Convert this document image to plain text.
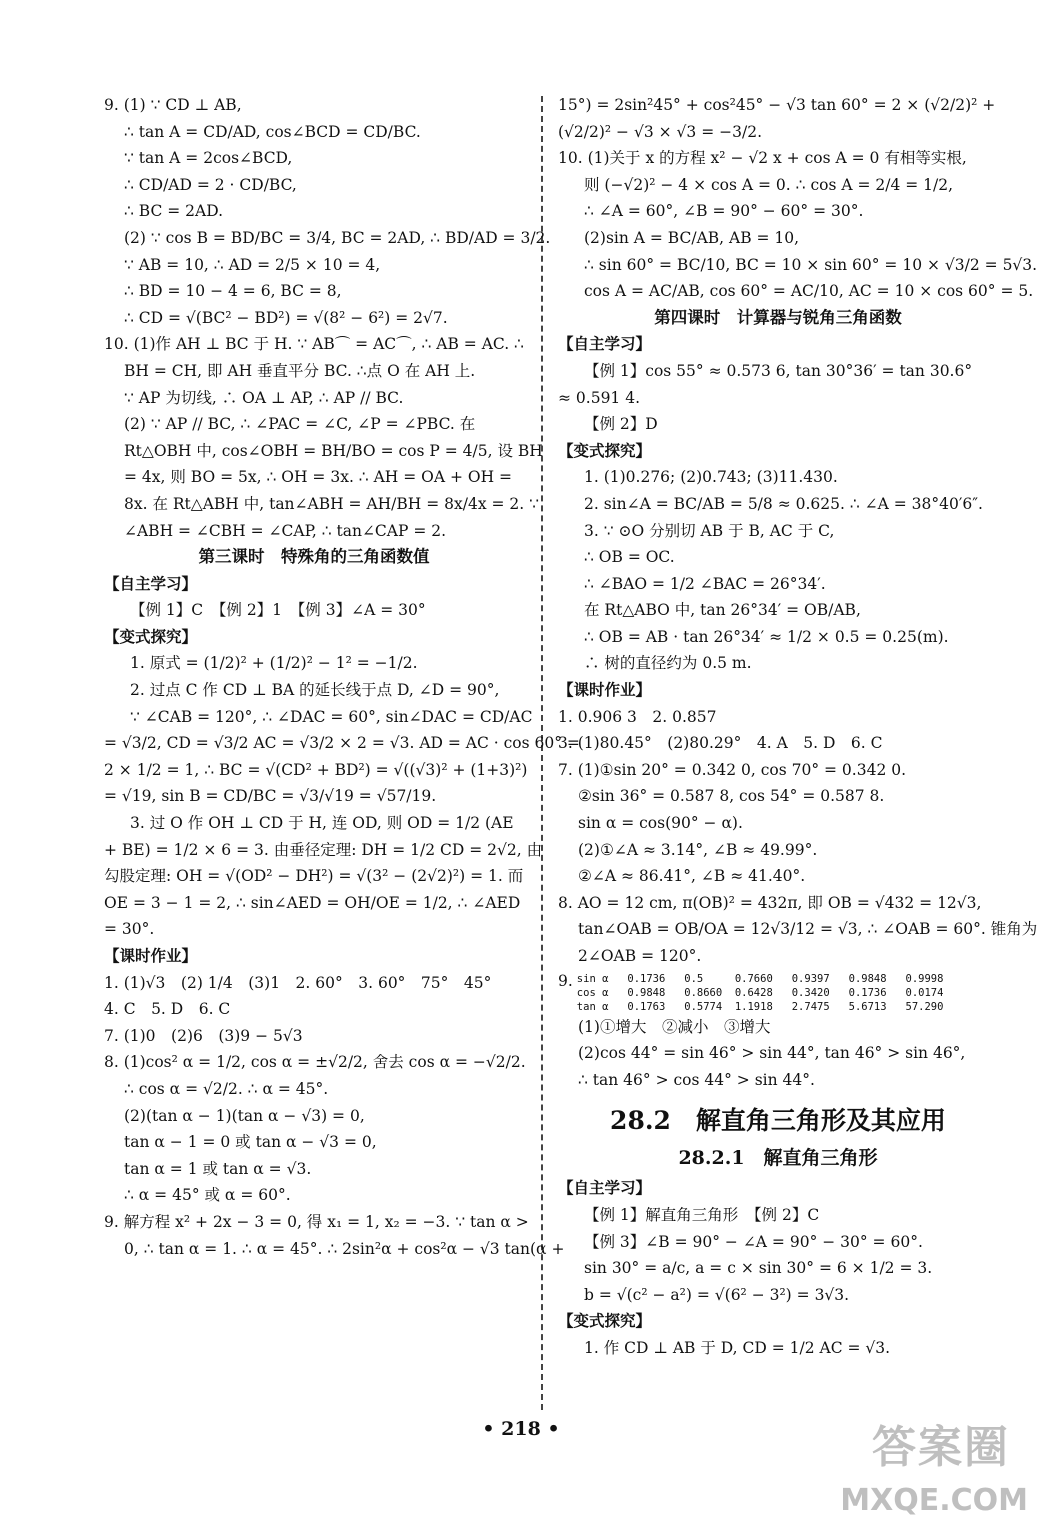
9. (1) ∵ CD ⊥ AB,
∴ tan A = CD/AD, cos∠BCD = CD/BC.
∵ tan A = 2cos∠BCD,
∴ CD/AD = 2 · CD/BC,
∴ BC = 2AD.
(2) ∵ cos B = BD/BC = 3/4, BC = 2AD, ∴ BD/AD = 3/2.
∵ AB = 10, ∴ AD = 2/5 × 10 = 4,
∴ BD = 10 − 4 = 6, BC = 8,
∴ CD = √(BC² − BD²) = √(8² − 6²) = 2√7.
10. (1)作 AH ⊥ BC 于 H. ∵ AB⌒ = AC⌒, ∴ AB = AC. ∴
BH = CH, 即 AH 垂直平分 BC. ∴点 O 在 AH 上.
∵ AP 为切线, ∴ OA ⊥ AP, ∴ AP // BC.
(2) ∵ AP // BC, ∴ ∠PAC = ∠C, ∠P = ∠PBC. 在
Rt△OBH 中, cos∠OBH = BH/BO = cos P = 4/5, 设 BH
= 4x, 则 BO = 5x, ∴ OH = 3x. ∴ AH = OA + OH =
8x. 在 Rt△ABH 中, tan∠ABH = AH/BH = 8x/4x = 2. ∵
∠ABH = ∠CBH = ∠CAP, ∴ tan∠CAP = 2.
第三课时　特殊角的三角函数值
【自主学习】
【例 1】C　【例 2】1　【例 3】∠A = 30°
【变式探究】
1. 原式 = (1/2)² + (1/2)² − 1² = −1/2.
2. 过点 C 作 CD ⊥ BA 的延长线于点 D, ∠D = 90°,
∵ ∠CAB = 120°, ∴ ∠DAC = 60°, sin∠DAC = CD/AC
= √3/2, CD = √3/2 AC = √3/2 × 2 = √3. AD = AC · cos 60° =
2 × 1/2 = 1, ∴ BC = √(CD² + BD²) = √((√3)² + (1+3)²)
= √19, sin B = CD/BC = √3/√19 = √57/19.
3. 过 O 作 OH ⊥ CD 于 H, 连 OD, 则 OD = 1/2 (AE
+ BE) = 1/2 × 6 = 3. 由垂径定理: DH = 1/2 CD = 2√2, 由
勾股定理: OH = √(OD² − DH²) = √(3² − (2√2)²) = 1. 而
OE = 3 − 1 = 2, ∴ sin∠AED = OH/OE = 1/2, ∴ ∠AED
= 30°.
【课时作业】
1. (1)√3　(2) 1/4　(3)1　2. 60°　3. 60°　75°　45°
4. C　5. D　6. C
7. (1)0　(2)6　(3)9 − 5√3
8. (1)cos² α = 1/2, cos α = ±√2/2, 舍去 cos α = −√2/2.
∴ cos α = √2/2. ∴ α = 45°.
(2)(tan α − 1)(tan α − √3) = 0,
tan α − 1 = 0 或 tan α − √3 = 0,
tan α = 1 或 tan α = √3.
∴ α = 45° 或 α = 60°.
9. 解方程 x² + 2x − 3 = 0, 得 x₁ = 1, x₂ = −3. ∵ tan α >
0, ∴ tan α = 1. ∴ α = 45°. ∴ 2sin²α + cos²α − √3 tan(α +
15°) = 2sin²45° + cos²45° − √3 tan 60° = 2 × (√2/2)² +
(√2/2)² − √3 × √3 = −3/2.
10. (1)关于 x 的方程 x² − √2 x + cos A = 0 有相等实根,
则 (−√2)² − 4 × cos A = 0. ∴ cos A = 2/4 = 1/2,
∴ ∠A = 60°, ∠B = 90° − 60° = 30°.
(2)sin A = BC/AB, AB = 10,
∴ sin 60° = BC/10, BC = 10 × sin 60° = 10 × √3/2 = 5√3.
cos A = AC/AB, cos 60° = AC/10, AC = 10 × cos 60° = 5.
第四课时　计算器与锐角三角函数
【自主学习】
【例 1】cos 55° ≈ 0.573 6, tan 30°36′ = tan 30.6°
≈ 0.591 4.
【例 2】D
【变式探究】
1. (1)0.276; (2)0.743; (3)11.430.
2. sin∠A = BC/AB = 5/8 ≈ 0.625. ∴ ∠A = 38°40′6″.
3. ∵ ⊙O 分别切 AB 于 B, AC 于 C,
∴ OB = OC.
∴ ∠BAO = 1/2 ∠BAC = 26°34′.
在 Rt△ABO 中, tan 26°34′ = OB/AB,
∴ OB = AB · tan 26°34′ ≈ 1/2 × 0.5 = 0.25(m).
∴ 树的直径约为 0.5 m.
【课时作业】
1. 0.906 3　2. 0.857
3. (1)80.45°　(2)80.29°　4. A　5. D　6. C
7. (1)①sin 20° = 0.342 0, cos 70° = 0.342 0.
②sin 36° = 0.587 8, cos 54° = 0.587 8.
sin α = cos(90° − α).
(2)①∠A ≈ 3.14°, ∠B ≈ 49.99°.
②∠A ≈ 86.41°, ∠B ≈ 41.40°.
8. AO = 12 cm, π(OB)² = 432π, 即 OB = √432 = 12√3,
tan∠OAB = OB/OA = 12√3/12 = √3, ∴ ∠OAB = 60°. 锥角为
2∠OAB = 120°.
9. sin α   0.1736   0.5     0.7660   0.9397   0.9848   0.9998
cos α   0.9848   0.8660  0.6428   0.3420   0.1736   0.0174
tan α   0.1763   0.5774  1.1918   2.7475   5.6713   57.290
(1)①增大　②减小　③增大
(2)cos 44° = sin 46° > sin 44°, tan 46° > sin 46°,
∴ tan 46° > cos 44° > sin 44°.
28.2　解直角三角形及其应用
28.2.1　解直角三角形
【自主学习】
【例 1】解直角三角形　【例 2】C
【例 3】∠B = 90° − ∠A = 90° − 30° = 60°.
sin 30° = a/c, a = c × sin 30° = 6 × 1/2 = 3.
b = √(c² − a²) = √(6² − 3²) = 3√3.
【变式探究】
1. 作 CD ⊥ AB 于 D, CD = 1/2 AC = √3.
• 218 •	答案圈
MXQE.COM
